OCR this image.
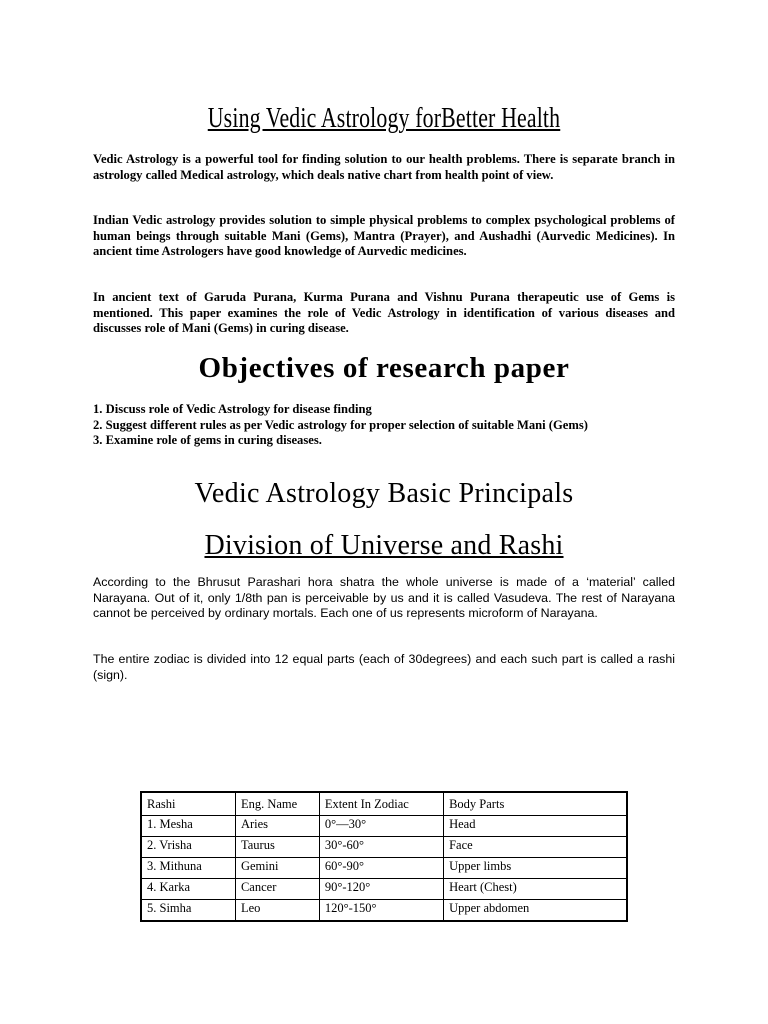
Using Vedic Astrology forBetter Health

Vedic Astrology is a powerful tool for finding solution to our health problems. There is separate branch in astrology called Medical astrology, which deals native chart from health point of view.

Indian Vedic astrology provides solution to simple physical problems to complex psychological problems of human beings through suitable Mani (Gems), Mantra (Prayer), and Aushadhi (Aurvedic Medicines). In ancient time Astrologers have good knowledge of Aurvedic medicines.

In ancient text of Garuda Purana, Kurma Purana and Vishnu Purana therapeutic use of Gems is mentioned. This paper examines the role of Vedic Astrology in identification of various diseases and discusses role of Mani (Gems) in curing disease.

Objectives of research paper
1. Discuss role of Vedic Astrology for disease finding
2. Suggest different rules as per Vedic astrology for proper selection of suitable Mani (Gems)
3. Examine role of gems in curing diseases.
Vedic Astrology Basic Principals
Division of Universe and Rashi

According to the Bhrusut Parashari hora shatra the whole universe is made of a ‘material’ called Narayana. Out of it, only 1/8th pan is perceivable by us and it is called Vasudeva. The rest of Narayana cannot be perceived by ordinary mortals. Each one of us represents microform of Narayana.

The entire zodiac is divided into 12 equal parts (each of 30degrees) and each such part is called a rashi (sign).

Rashi	Eng. Name	Extent In Zodiac	Body Parts
1. Mesha	Aries	0°—30°	Head
2. Vrisha	Taurus	30°-60°	Face
3. Mithuna	Gemini	60°-90°	Upper limbs
4. Karka	Cancer	90°-120°	Heart (Chest)
5. Simha	Leo	120°-150°	Upper abdomen
